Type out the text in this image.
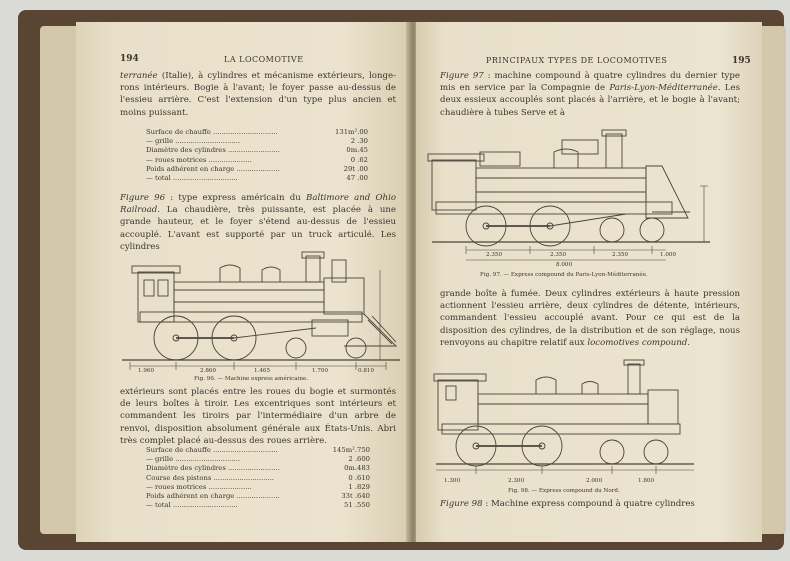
194	LA LOCOMOTIVE

terranée (Italie), à cylindres et mécanisme extérieurs, longe-rons intérieurs. Bogie à l'avant; le foyer passe au-dessus de l'essieu arrière. C'est l'extension d'un type plus ancien et moins puissant.

Surface de chauffe ..............................	131m².00
— grille ..............................	2 .30
Diamètre des cylindres ........................	0m.45
— roues motrices ....................	0 .62
Poids adhérent en charge ....................	29t .00
— total ..............................	47 .00

Figure 96 : type express américain du Baltimore and Ohio Railroad. La chaudière, très puissante, est placée à une grande hauteur, et le foyer s'étend au-dessus de l'essieu accouplé. L'avant est supporté par un truck articulé. Les cylindres

1.960	2.860	1.465	1.700	0.810
Fig. 96. — Machine express américaine.

extérieurs sont placés entre les roues du bogie et surmontés de leurs boîtes à tiroir. Les excentriques sont intérieurs et commandent les tiroirs par l'intermédiaire d'un arbre de renvoi, disposition absolument générale aux États-Unis. Abri très complet placé au-dessus des roues arrière.

Surface de chauffe ..............................	145m².750
— grille ..............................	2 .600
Diamètre des cylindres ........................	0m.483
Course des pistons ............................	0 .610
— roues motrices ....................	1 .829
Poids adhérent en charge ....................	33t .640
— total ..............................	51 .550
PRINCIPAUX TYPES DE LOCOMOTIVES	195

Figure 97 : machine compound à quatre cylindres du dernier type mis en service par la Compagnie de Paris-Lyon-Méditerranée. Les deux essieux accouplés sont placés à l'arrière, et le bogie à l'avant; chaudière à tubes Serve et à

2.350	2.350	2.350	1.000
8.000
Fig. 97. — Express compound du Paris-Lyon-Méditerranée.

grande boîte à fumée. Deux cylindres extérieurs à haute pression actionnent l'essieu arrière, deux cylindres de détente, intérieurs, commandent l'essieu accouplé avant. Pour ce qui est de la disposition des cylindres, de la distribution et de son réglage, nous renvoyons au chapitre relatif aux locomotives compound.

1.300	2.300	2.000	1.800
Fig. 98. — Express compound du Nord.

Figure 98 : Machine express compound à quatre cylindres
